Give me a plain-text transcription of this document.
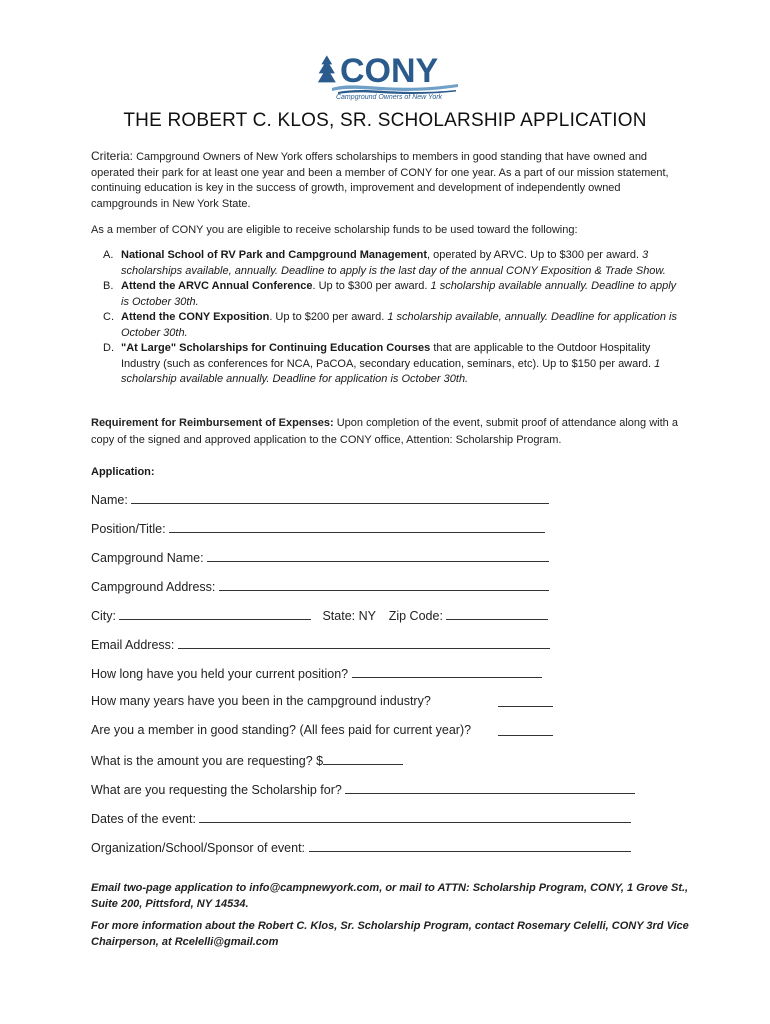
CONY
Campground Owners of New York
THE ROBERT C. KLOS, SR. SCHOLARSHIP APPLICATION
Criteria: Campground Owners of New York offers scholarships to members in good standing that have owned and operated their park for at least one year and been a member of CONY for one year. As a part of our mission statement, continuing education is key in the success of growth, improvement and development of independently owned campgrounds in New York State.
As a member of CONY you are eligible to receive scholarship funds to be used toward the following:
A. National School of RV Park and Campground Management, operated by ARVC. Up to $300 per award. 3 scholarships available, annually. Deadline to apply is the last day of the annual CONY Exposition & Trade Show.
B. Attend the ARVC Annual Conference. Up to $300 per award. 1 scholarship available annually. Deadline to apply is October 30th.
C. Attend the CONY Exposition. Up to $200 per award. 1 scholarship available, annually. Deadline for application is October 30th.
D. "At Large" Scholarships for Continuing Education Courses that are applicable to the Outdoor Hospitality Industry (such as conferences for NCA, PaCOA, secondary education, seminars, etc). Up to $150 per award. 1 scholarship available annually. Deadline for application is October 30th.
Requirement for Reimbursement of Expenses: Upon completion of the event, submit proof of attendance along with a copy of the signed and approved application to the CONY office, Attention: Scholarship Program.
Application:
Name:
Position/Title:
Campground Name:
Campground Address:
City:	State: NY Zip Code:
Email Address:
How long have you held your current position?
How many years have you been in the campground industry?
Are you a member in good standing? (All fees paid for current year)?
What is the amount you are requesting? $
What are you requesting the Scholarship for?
Dates of the event:
Organization/School/Sponsor of event:
Email two-page application to info@campnewyork.com, or mail to ATTN: Scholarship Program, CONY, 1 Grove St., Suite 200, Pittsford, NY 14534.
For more information about the Robert C. Klos, Sr. Scholarship Program, contact Rosemary Celelli, CONY 3rd Vice Chairperson, at Rcelelli@gmail.com
